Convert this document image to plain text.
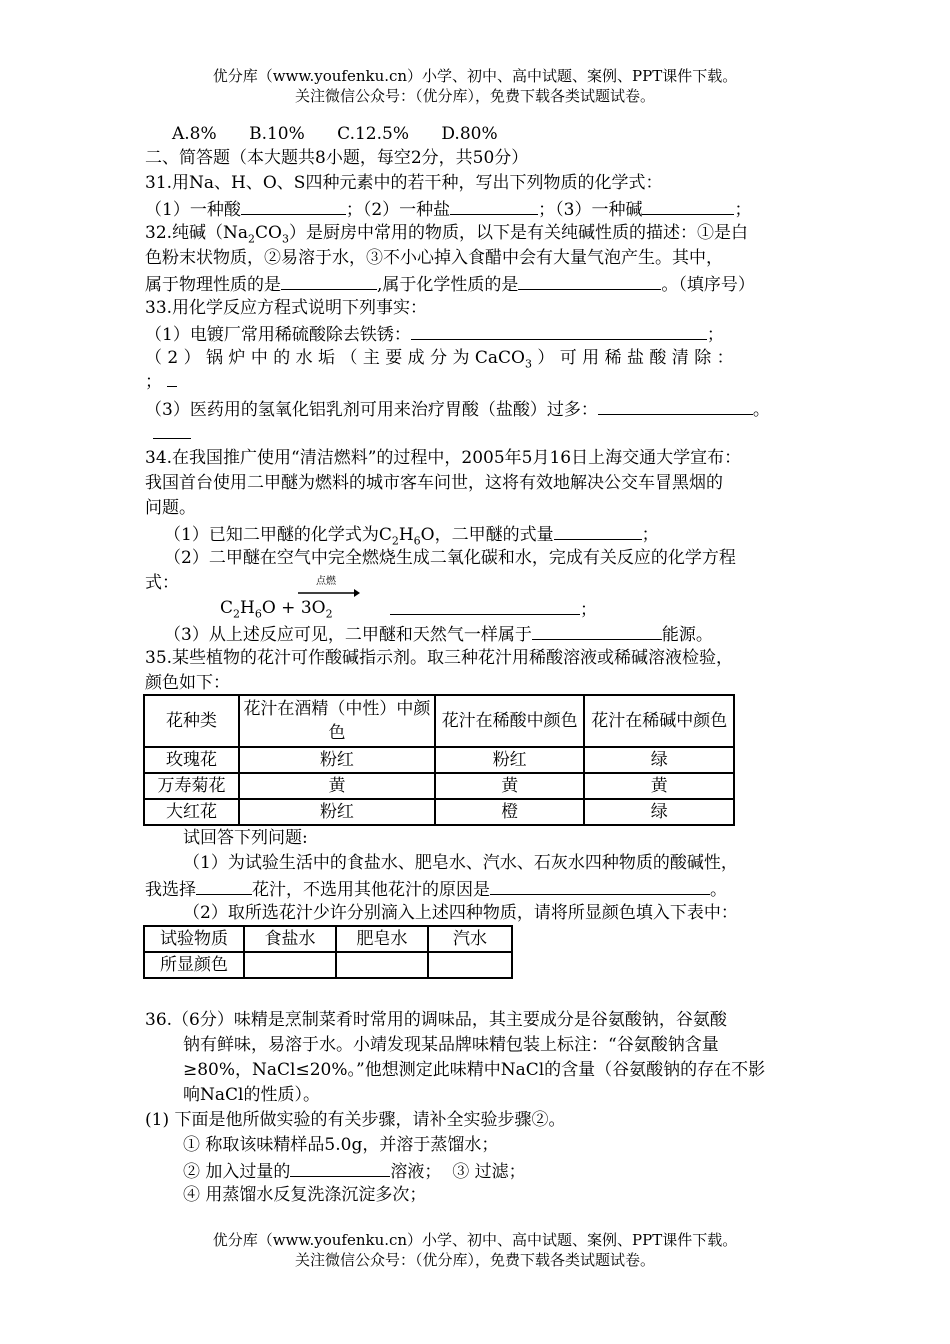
优分库（www.youfenku.cn）小学、初中、高中试题、案例、PPT课件下载。
关注微信公众号：（优分库），免费下载各类试题试卷。
A.8%      B.10%      C.12.5%      D.80%
二、简答题（本大题共8小题，每空2分，共50分）
31.用Na、H、O、S四种元素中的若干种，写出下列物质的化学式：
（1）一种酸	；（2）一种盐	；（3）一种碱	；
32.纯碱$(Na_2CO_3)$是厨房中常用的物质，以下是有关纯碱性质的描述：①是白
色粉末状物质，②易溶于水，③不小心掉入食醋中会有大量气泡产生。其中，
属于物理性质的是	,属于化学性质的是	。（填序号）
33.用化学反应方程式说明下列事实：
（1）电镀厂常用稀硫酸除去铁锈：	；
（ 2 ） 锅 炉 中 的 水 垢 （ 主 要 成 分 为 CaCO$_3$ ） 可 用 稀 盐 酸 清 除 ：
；
（3）医药用的氢氧化铝乳剂可用来治疗胃酸（盐酸）过多：	。
34.在我国推广使用“清洁燃料”的过程中，2005年5月16日上海交通大学宣布：
我国首台使用二甲醚为燃料的城市客车问世，这将有效地解决公交车冒黑烟的
问题。
（1）已知二甲醚的化学式为$C_2H_6O$，二甲醚的式量	；
（2）二甲醚在空气中完全燃烧生成二氧化碳和水，完成有关反应的化学方程
式：	点燃
$C_2H_6O + 3O_2$	；
（3）从上述反应可见，二甲醚和天然气一样属于	能源。
35.某些植物的花汁可作酸碱指示剂。取三种花汁用稀酸溶液或稀碱溶液检验，
颜色如下：
花种类	花汁在酒精（中性）中颜色	花汁在稀酸中颜色	花汁在稀碱中颜色
玫瑰花	粉红	粉红	绿
万寿菊花	黄	黄	黄
大红花	粉红	橙	绿
试回答下列问题:
（1）为试验生活中的食盐水、肥皂水、汽水、石灰水四种物质的酸碱性，
我选择	花汁，不选用其他花汁的原因是	。
（2）取所选花汁少许分别滴入上述四种物质，请将所显颜色填入下表中：
试验物质	食盐水	肥皂水	汽水
所显颜色			
36.（6分）味精是烹制菜肴时常用的调味品，其主要成分是谷氨酸钠，谷氨酸
钠有鲜味，易溶于水。小靖发现某品牌味精包装上标注：“谷氨酸钠含量
≥80%，NaCl≤20%。”他想测定此味精中NaCl的含量（谷氨酸钠的存在不影
响NaCl的性质）。
(1) 下面是他所做实验的有关步骤，请补全实验步骤②。
① 称取该味精样品5.0g，并溶于蒸馏水；
② 加入过量的	溶液；  ③ 过滤；
④ 用蒸馏水反复洗涤沉淀多次；
优分库（www.youfenku.cn）小学、初中、高中试题、案例、PPT课件下载。
关注微信公众号：（优分库），免费下载各类试题试卷。
